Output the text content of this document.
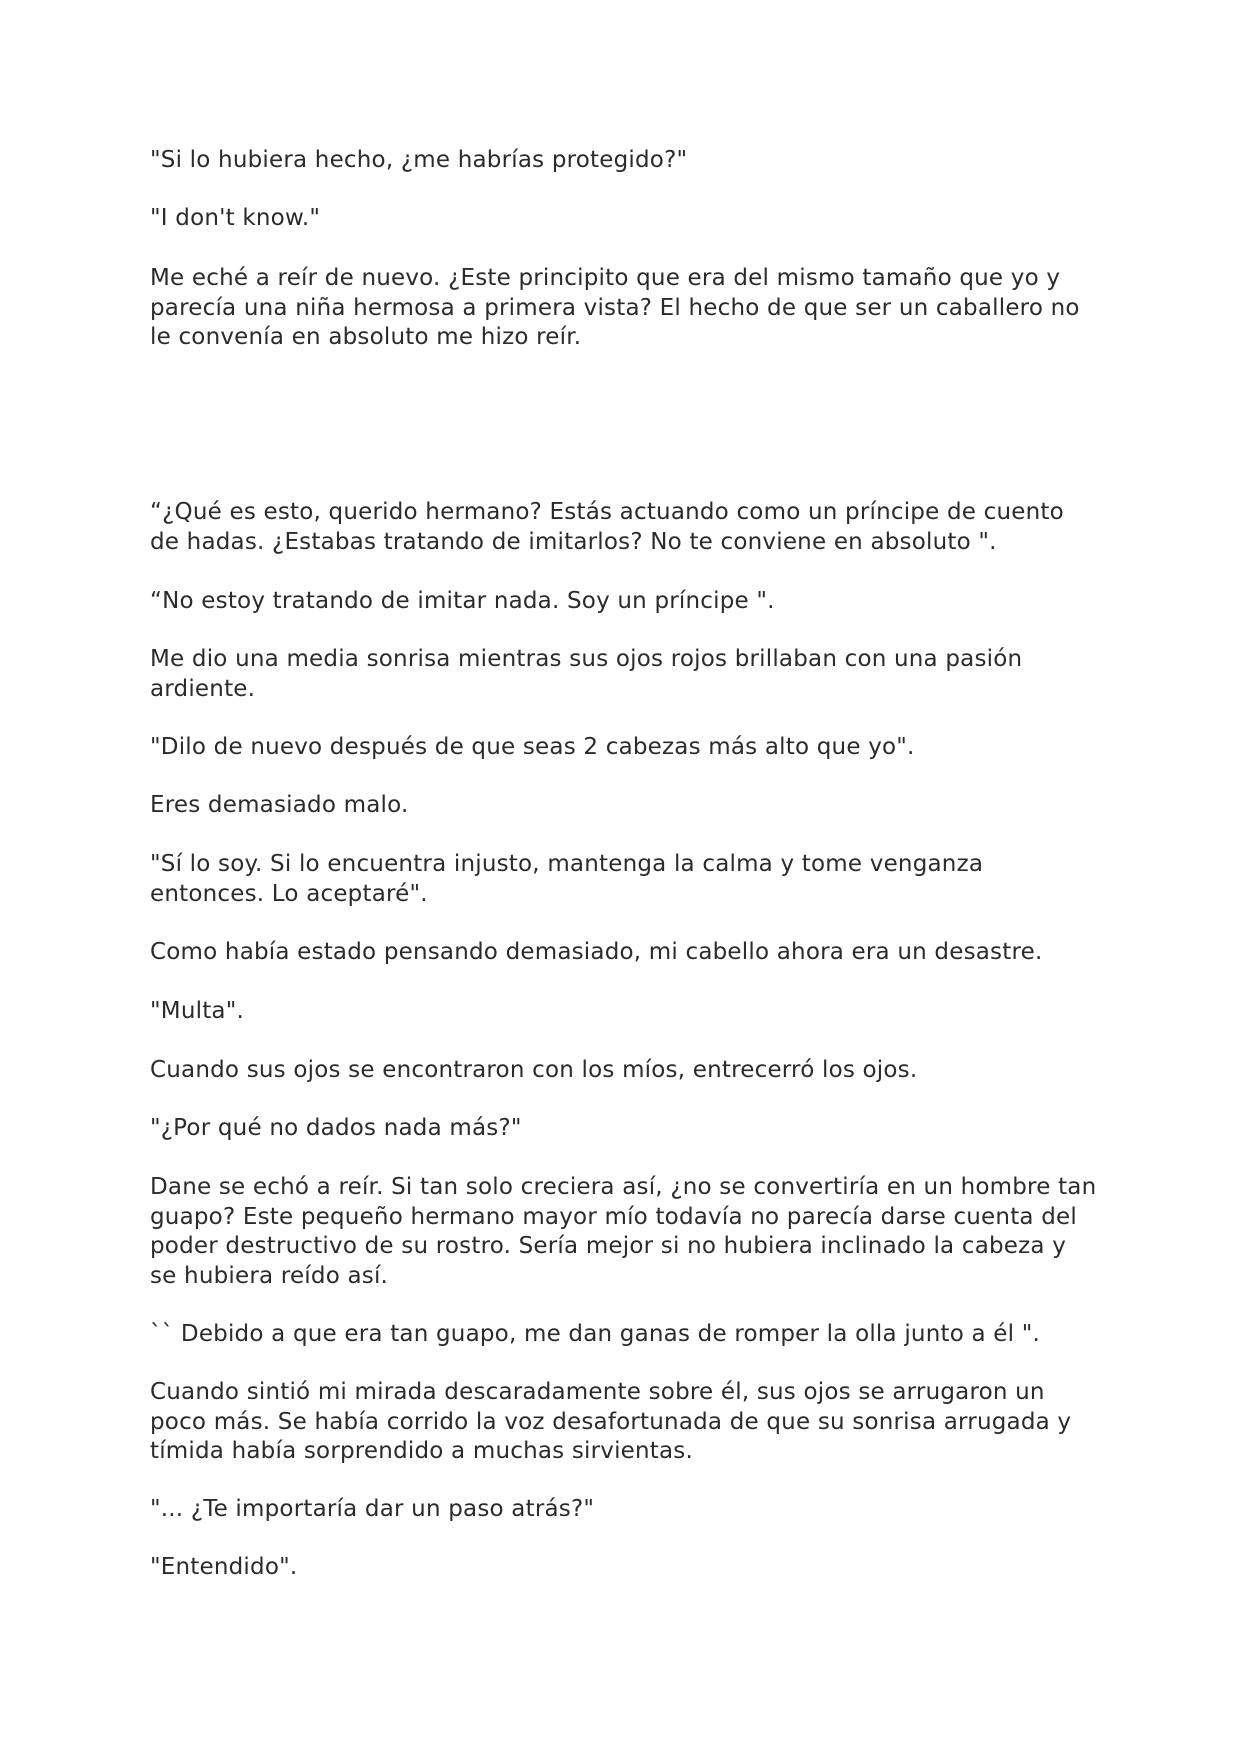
"Si lo hubiera hecho, ¿me habrías protegido?"

"I don't know."

Me eché a reír de nuevo. ¿Este principito que era del mismo tamaño que yo y parecía una niña hermosa a primera vista? El hecho de que ser un caballero no le convenía en absoluto me hizo reír.

“¿Qué es esto, querido hermano? Estás actuando como un príncipe de cuento de hadas. ¿Estabas tratando de imitarlos? No te conviene en absoluto ".

“No estoy tratando de imitar nada. Soy un príncipe ".

Me dio una media sonrisa mientras sus ojos rojos brillaban con una pasión ardiente.

"Dilo de nuevo después de que seas 2 cabezas más alto que yo".

Eres demasiado malo.

"Sí lo soy. Si lo encuentra injusto, mantenga la calma y tome venganza entonces. Lo aceptaré".

Como había estado pensando demasiado, mi cabello ahora era un desastre.

"Multa".

Cuando sus ojos se encontraron con los míos, entrecerró los ojos.

"¿Por qué no dados nada más?"

Dane se echó a reír. Si tan solo creciera así, ¿no se convertiría en un hombre tan guapo? Este pequeño hermano mayor mío todavía no parecía darse cuenta del poder destructivo de su rostro. Sería mejor si no hubiera inclinado la cabeza y se hubiera reído así.

`` Debido a que era tan guapo, me dan ganas de romper la olla junto a él ".

Cuando sintió mi mirada descaradamente sobre él, sus ojos se arrugaron un poco más. Se había corrido la voz desafortunada de que su sonrisa arrugada y tímida había sorprendido a muchas sirvientas.

"... ¿Te importaría dar un paso atrás?"

"Entendido".
